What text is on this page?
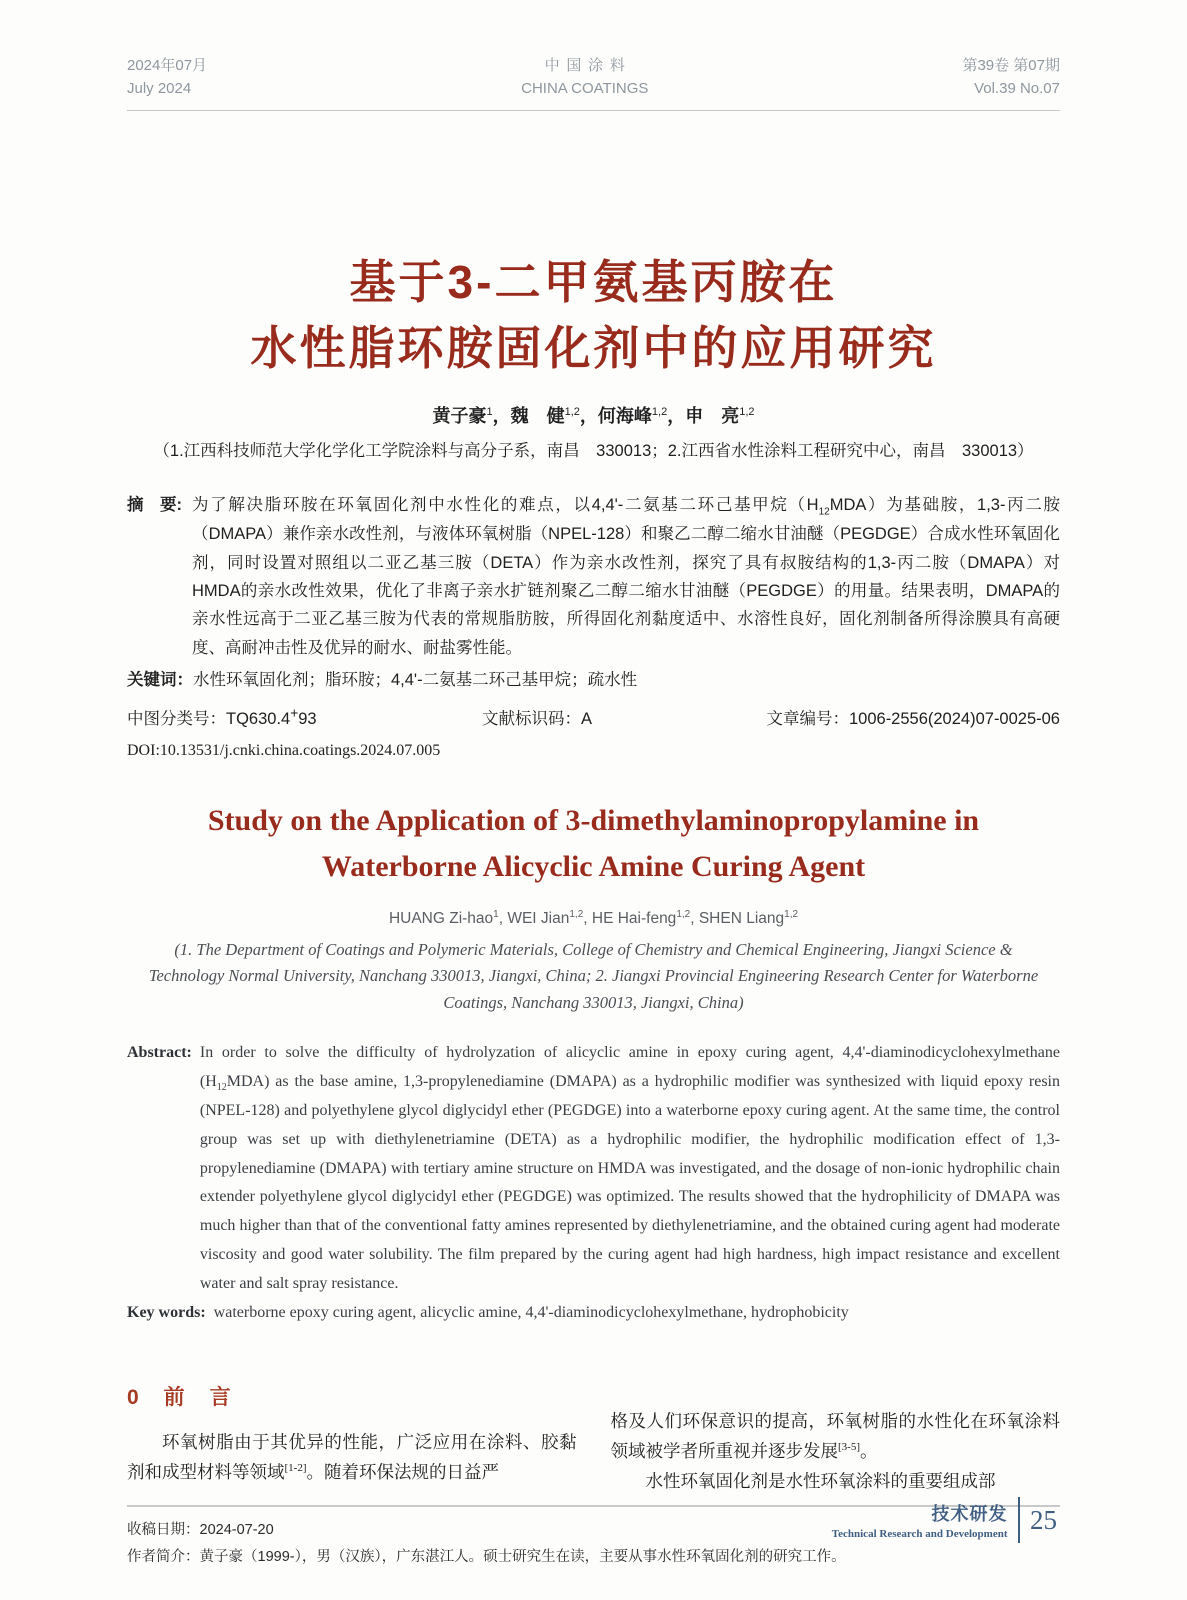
2024年07月
July 2024
中国涂料
CHINA COATINGS
第39卷 第07期
Vol.39 No.07
基于3-二甲氨基丙胺在
水性脂环胺固化剂中的应用研究
黄子豪$^1$，魏　健$^{1,2}$，何海峰$^{1,2}$，申　亮$^{1,2}$
（1.江西科技师范大学化学化工学院涂料与高分子系，南昌　330013；2.江西省水性涂料工程研究中心，南昌　330013）
摘　要: 为了解决脂环胺在环氧固化剂中水性化的难点，以4,4'-二氨基二环己基甲烷$(H_{12}MDA)$为基础胺，1,3-丙二胺（DMAPA）兼作亲水改性剂，与液体环氧树脂（NPEL-128）和聚乙二醇二缩水甘油醚（PEGDGE）合成水性环氧固化剂，同时设置对照组以二亚乙基三胺（DETA）作为亲水改性剂，探究了具有叔胺结构的1,3-丙二胺（DMAPA）对HMDA的亲水改性效果，优化了非离子亲水扩链剂聚乙二醇二缩水甘油醚（PEGDGE）的用量。结果表明，DMAPA的亲水性远高于二亚乙基三胺为代表的常规脂肪胺，所得固化剂黏度适中、水溶性良好，固化剂制备所得涂膜具有高硬度、高耐冲击性及优异的耐水、耐盐雾性能。
关键词：水性环氧固化剂；脂环胺；4,4'-二氨基二环己基甲烷；疏水性
中图分类号：TQ630.4+93	文献标识码：A	文章编号：1006-2556(2024)07-0025-06
DOI:10.13531/j.cnki.china.coatings.2024.07.005
Study on the Application of 3-dimethylaminopropylamine in
Waterborne Alicyclic Amine Curing Agent
HUANG Zi-hao$^1$, WEI Jian$^{1,2}$, HE Hai-feng$^{1,2}$, SHEN Liang$^{1,2}$
(1. The Department of Coatings and Polymeric Materials, College of Chemistry and Chemical Engineering, Jiangxi Science & Technology Normal University, Nanchang 330013, Jiangxi, China; 2. Jiangxi Provincial Engineering Research Center for Waterborne Coatings, Nanchang 330013, Jiangxi, China)
Abstract: In order to solve the difficulty of hydrolyzation of alicyclic amine in epoxy curing agent, 4,4'-diaminodicyclohexylmethane $(H_{12}MDA)$ as the base amine, 1,3-propylenediamine (DMAPA) as a hydrophilic modifier was synthesized with liquid epoxy resin (NPEL-128) and polyethylene glycol diglycidyl ether (PEGDGE) into a waterborne epoxy curing agent. At the same time, the control group was set up with diethylenetriamine (DETA) as a hydrophilic modifier, the hydrophilic modification effect of 1,3-propylenediamine (DMAPA) with tertiary amine structure on HMDA was investigated, and the dosage of non-ionic hydrophilic chain extender polyethylene glycol diglycidyl ether (PEGDGE) was optimized. The results showed that the hydrophilicity of DMAPA was much higher than that of the conventional fatty amines represented by diethylenetriamine, and the obtained curing agent had moderate viscosity and good water solubility. The film prepared by the curing agent had high hardness, high impact resistance and excellent water and salt spray resistance.
Key words: waterborne epoxy curing agent, alicyclic amine, 4,4'-diaminodicyclohexylmethane, hydrophobicity
0　前　言

环氧树脂由于其优异的性能，广泛应用在涂料、胶黏剂和成型材料等领域[1-2]。随着环保法规的日益严

格及人们环保意识的提高，环氧树脂的水性化在环氧涂料领域被学者所重视并逐步发展[3-5]。

水性环氧固化剂是水性环氧涂料的重要组成部

收稿日期：2024-07-20
作者简介：黄子豪（1999-），男（汉族），广东湛江人。硕士研究生在读，主要从事水性环氧固化剂的研究工作。
技术研发
Technical Research and Development 25
